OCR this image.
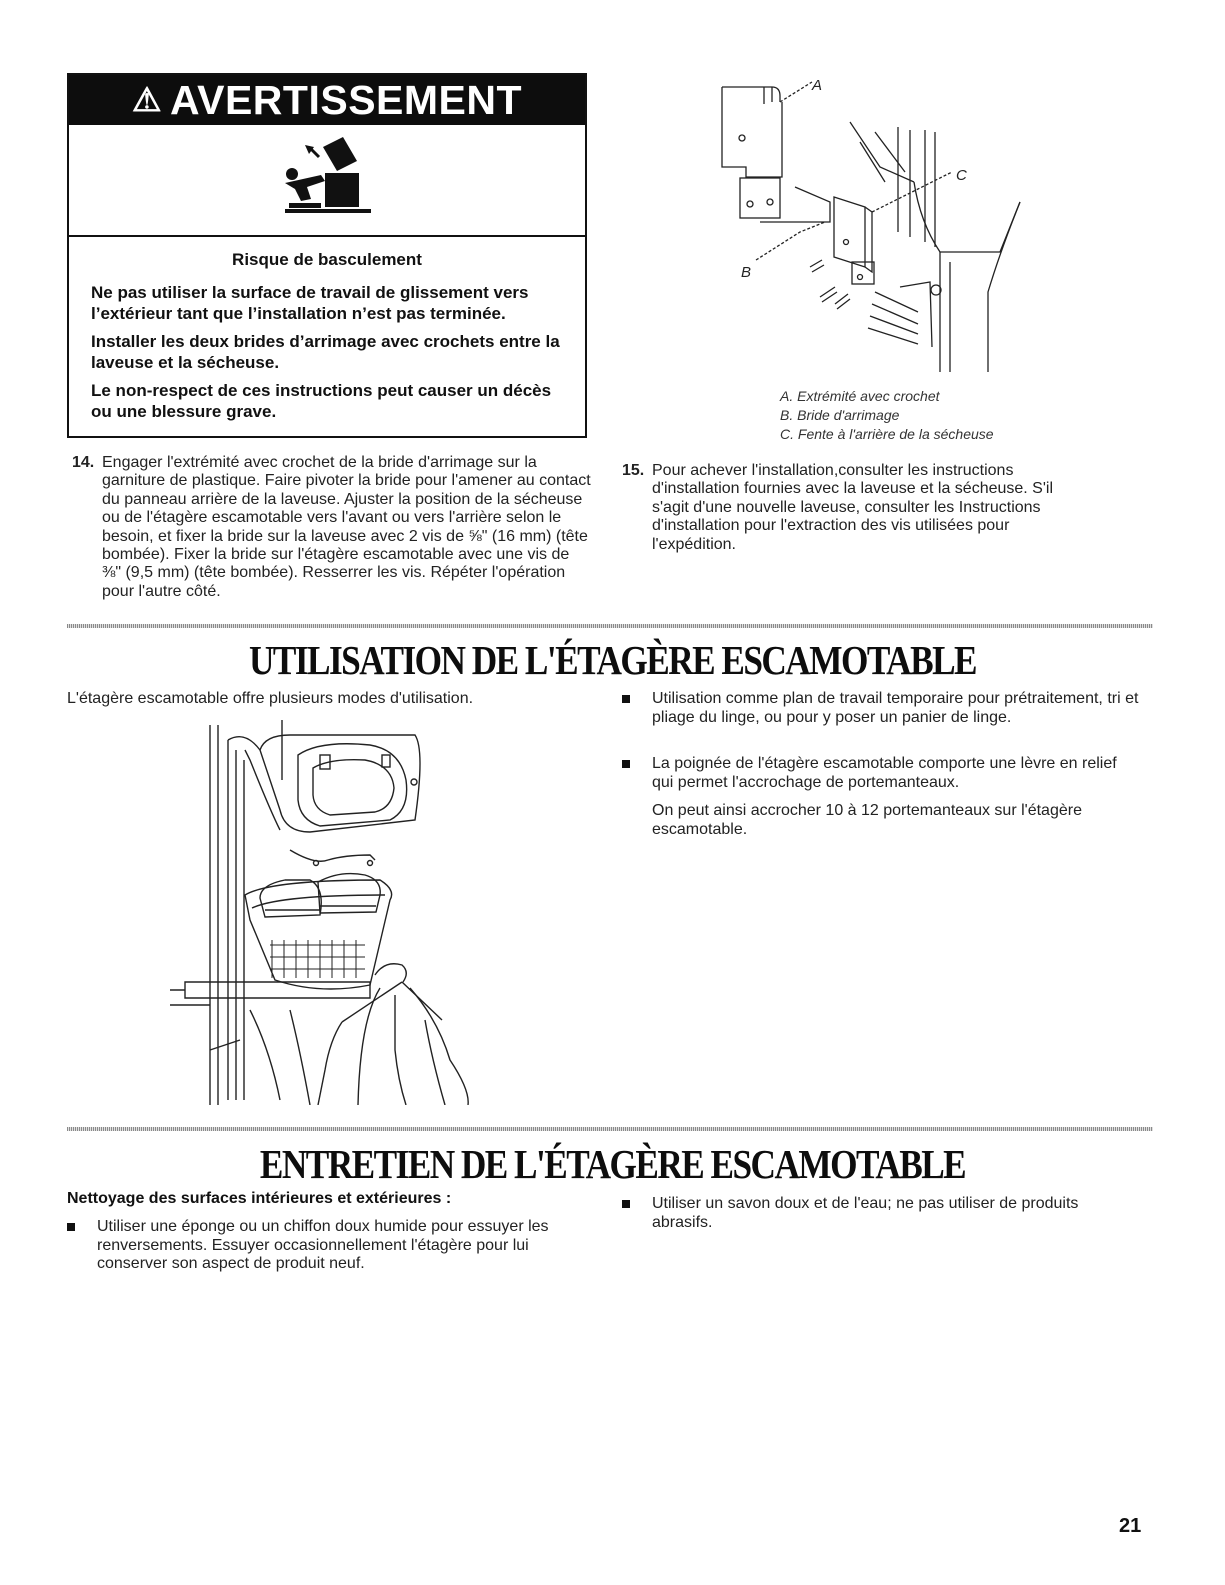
⚠ AVERTISSEMENT
Risque de basculement
Ne pas utiliser la surface de travail de glissement vers l’extérieur tant que l’installation n’est pas terminée.
Installer les deux brides d’arrimage avec crochets entre la laveuse et la sécheuse.
Le non-respect de ces instructions peut causer un décès ou une blessure grave.
14. Engager l'extrémité avec crochet de la bride d'arrimage sur la garniture de plastique. Faire pivoter la bride pour l'amener au contact du panneau arrière de la laveuse. Ajuster la position de la sécheuse ou de l'étagère escamotable vers l'avant ou vers l'arrière selon le besoin, et fixer la bride sur la laveuse avec 2 vis de ⅝" (16 mm) (tête bombée). Fixer la bride sur l'étagère escamotable avec une vis de ⅜" (9,5 mm) (tête bombée). Resserrer les vis. Répéter l'opération pour l'autre côté.
A
C
B
A. Extrémité avec crochet
B. Bride d'arrimage
C. Fente à l'arrière de la sécheuse
15. Pour achever l'installation,consulter les instructions d'installation fournies avec la laveuse et la sécheuse. S'il s'agit d'une nouvelle laveuse, consulter les Instructions d'installation pour l'extraction des vis utilisées pour l'expédition.
UTILISATION DE L'ÉTAGÈRE ESCAMOTABLE
L'étagère escamotable offre plusieurs modes d'utilisation.	Utilisation comme plan de travail temporaire pour prétraitement, tri et pliage du linge, ou pour y poser un panier de linge.
La poignée de l'étagère escamotable comporte une lèvre en relief qui permet l'accrochage de portemanteaux.
On peut ainsi accrocher 10 à 12 portemanteaux sur l'étagère escamotable.
ENTRETIEN DE L'ÉTAGÈRE ESCAMOTABLE
Nettoyage des surfaces intérieures et extérieures :
Utiliser une éponge ou un chiffon doux humide pour essuyer les renversements. Essuyer occasionnellement l'étagère pour lui conserver son aspect de produit neuf.
Utiliser un savon doux et de l'eau; ne pas utiliser de produits abrasifs.
21
